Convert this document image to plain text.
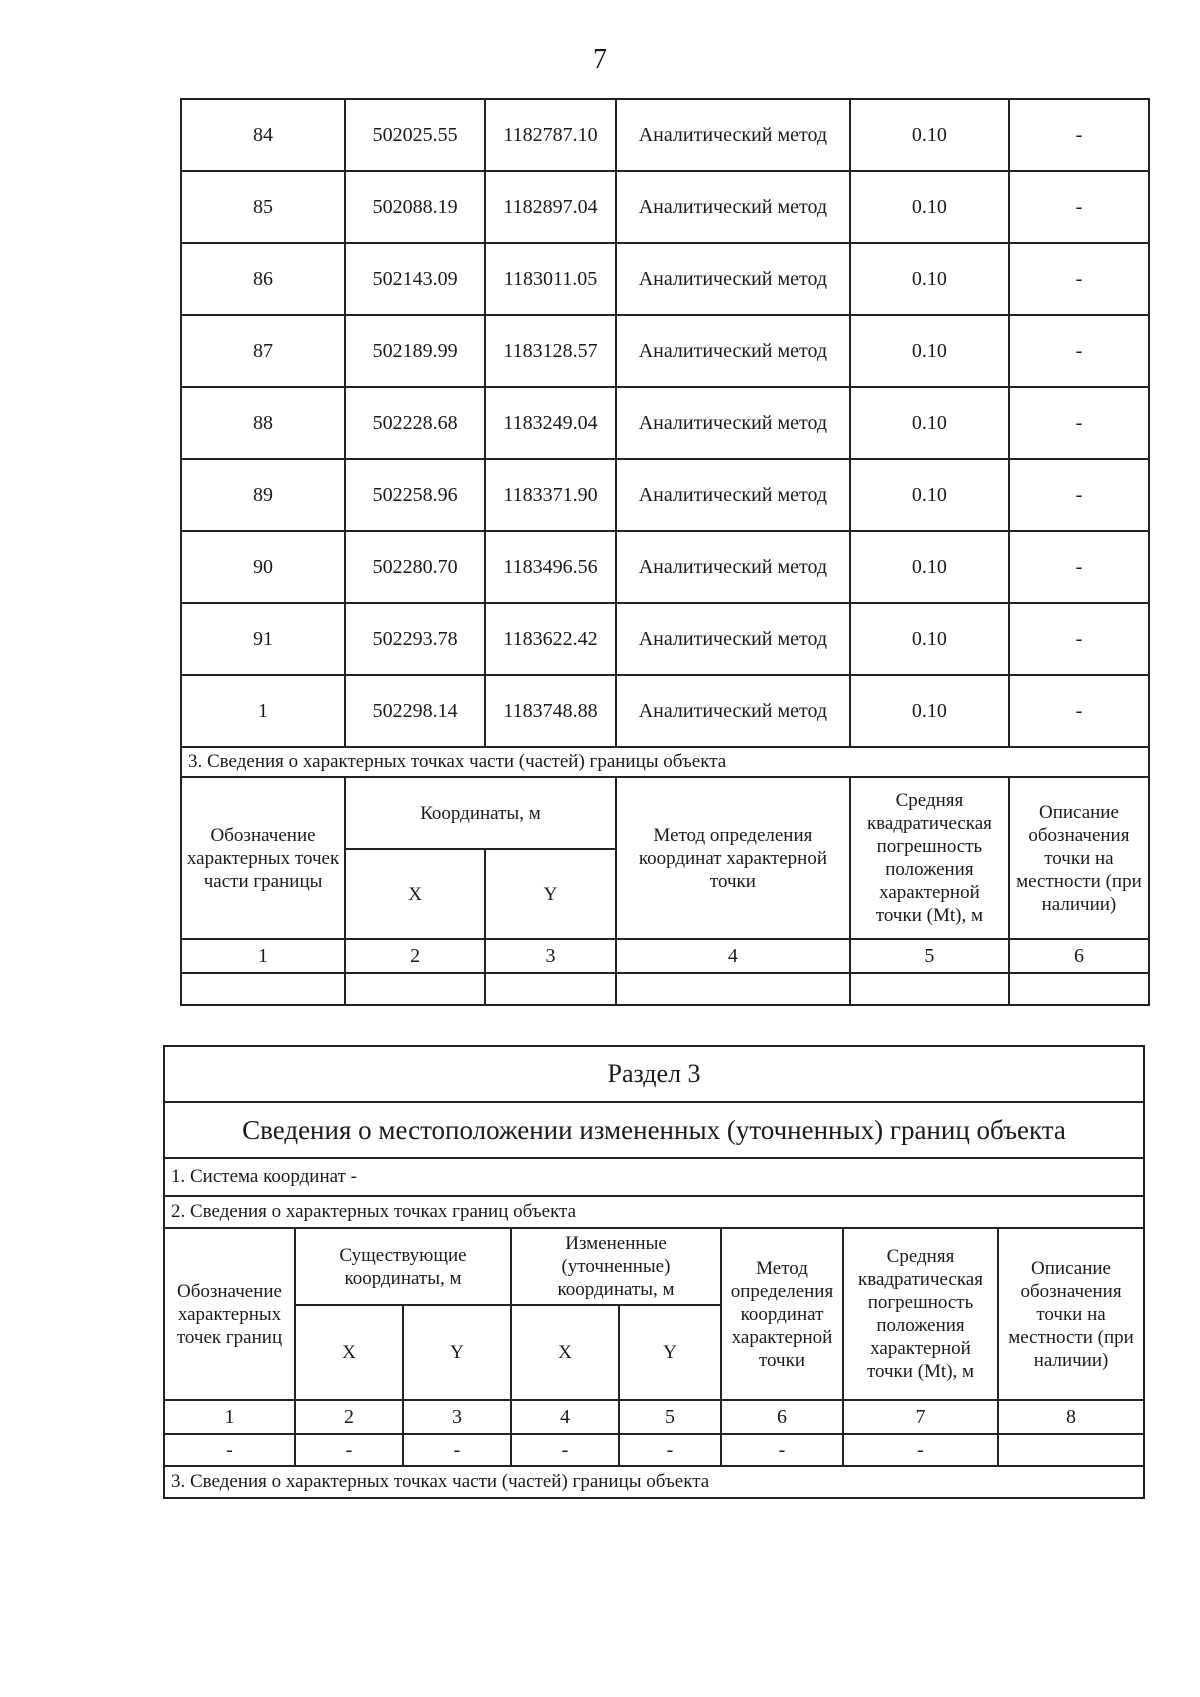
7
84	502025.55	1182787.10	Аналитический метод	0.10	-
85	502088.19	1182897.04	Аналитический метод	0.10	-
86	502143.09	1183011.05	Аналитический метод	0.10	-
87	502189.99	1183128.57	Аналитический метод	0.10	-
88	502228.68	1183249.04	Аналитический метод	0.10	-
89	502258.96	1183371.90	Аналитический метод	0.10	-
90	502280.70	1183496.56	Аналитический метод	0.10	-
91	502293.78	1183622.42	Аналитический метод	0.10	-
1	502298.14	1183748.88	Аналитический метод	0.10	-
3. Сведения о характерных точках части (частей) границы объекта					
Обозначение характерных точек части границы	Координаты, м		Метод определения координат характерной точки	Средняя квадратическая погрешность положения характерной точки (Mt), м	Описание обозначения точки на местности (при наличии)
	X	Y			
1	2	3	4	5	6

Раздел 3							
Сведения о местоположении измененных (уточненных) границ объекта							
1. Система координат -							
2. Сведения о характерных точках границ объекта							
Обозначение характерных точек границ	Существующие координаты, м		Измененные (уточненные) координаты, м		Метод определения координат характерной точки	Средняя квадратическая погрешность положения характерной точки (Mt), м	Описание обозначения точки на местности (при наличии)
	X	Y	X	Y			
1	2	3	4	5	6	7	8
-	-	-	-	-	-	-	
3. Сведения о характерных точках части (частей) границы объекта							
